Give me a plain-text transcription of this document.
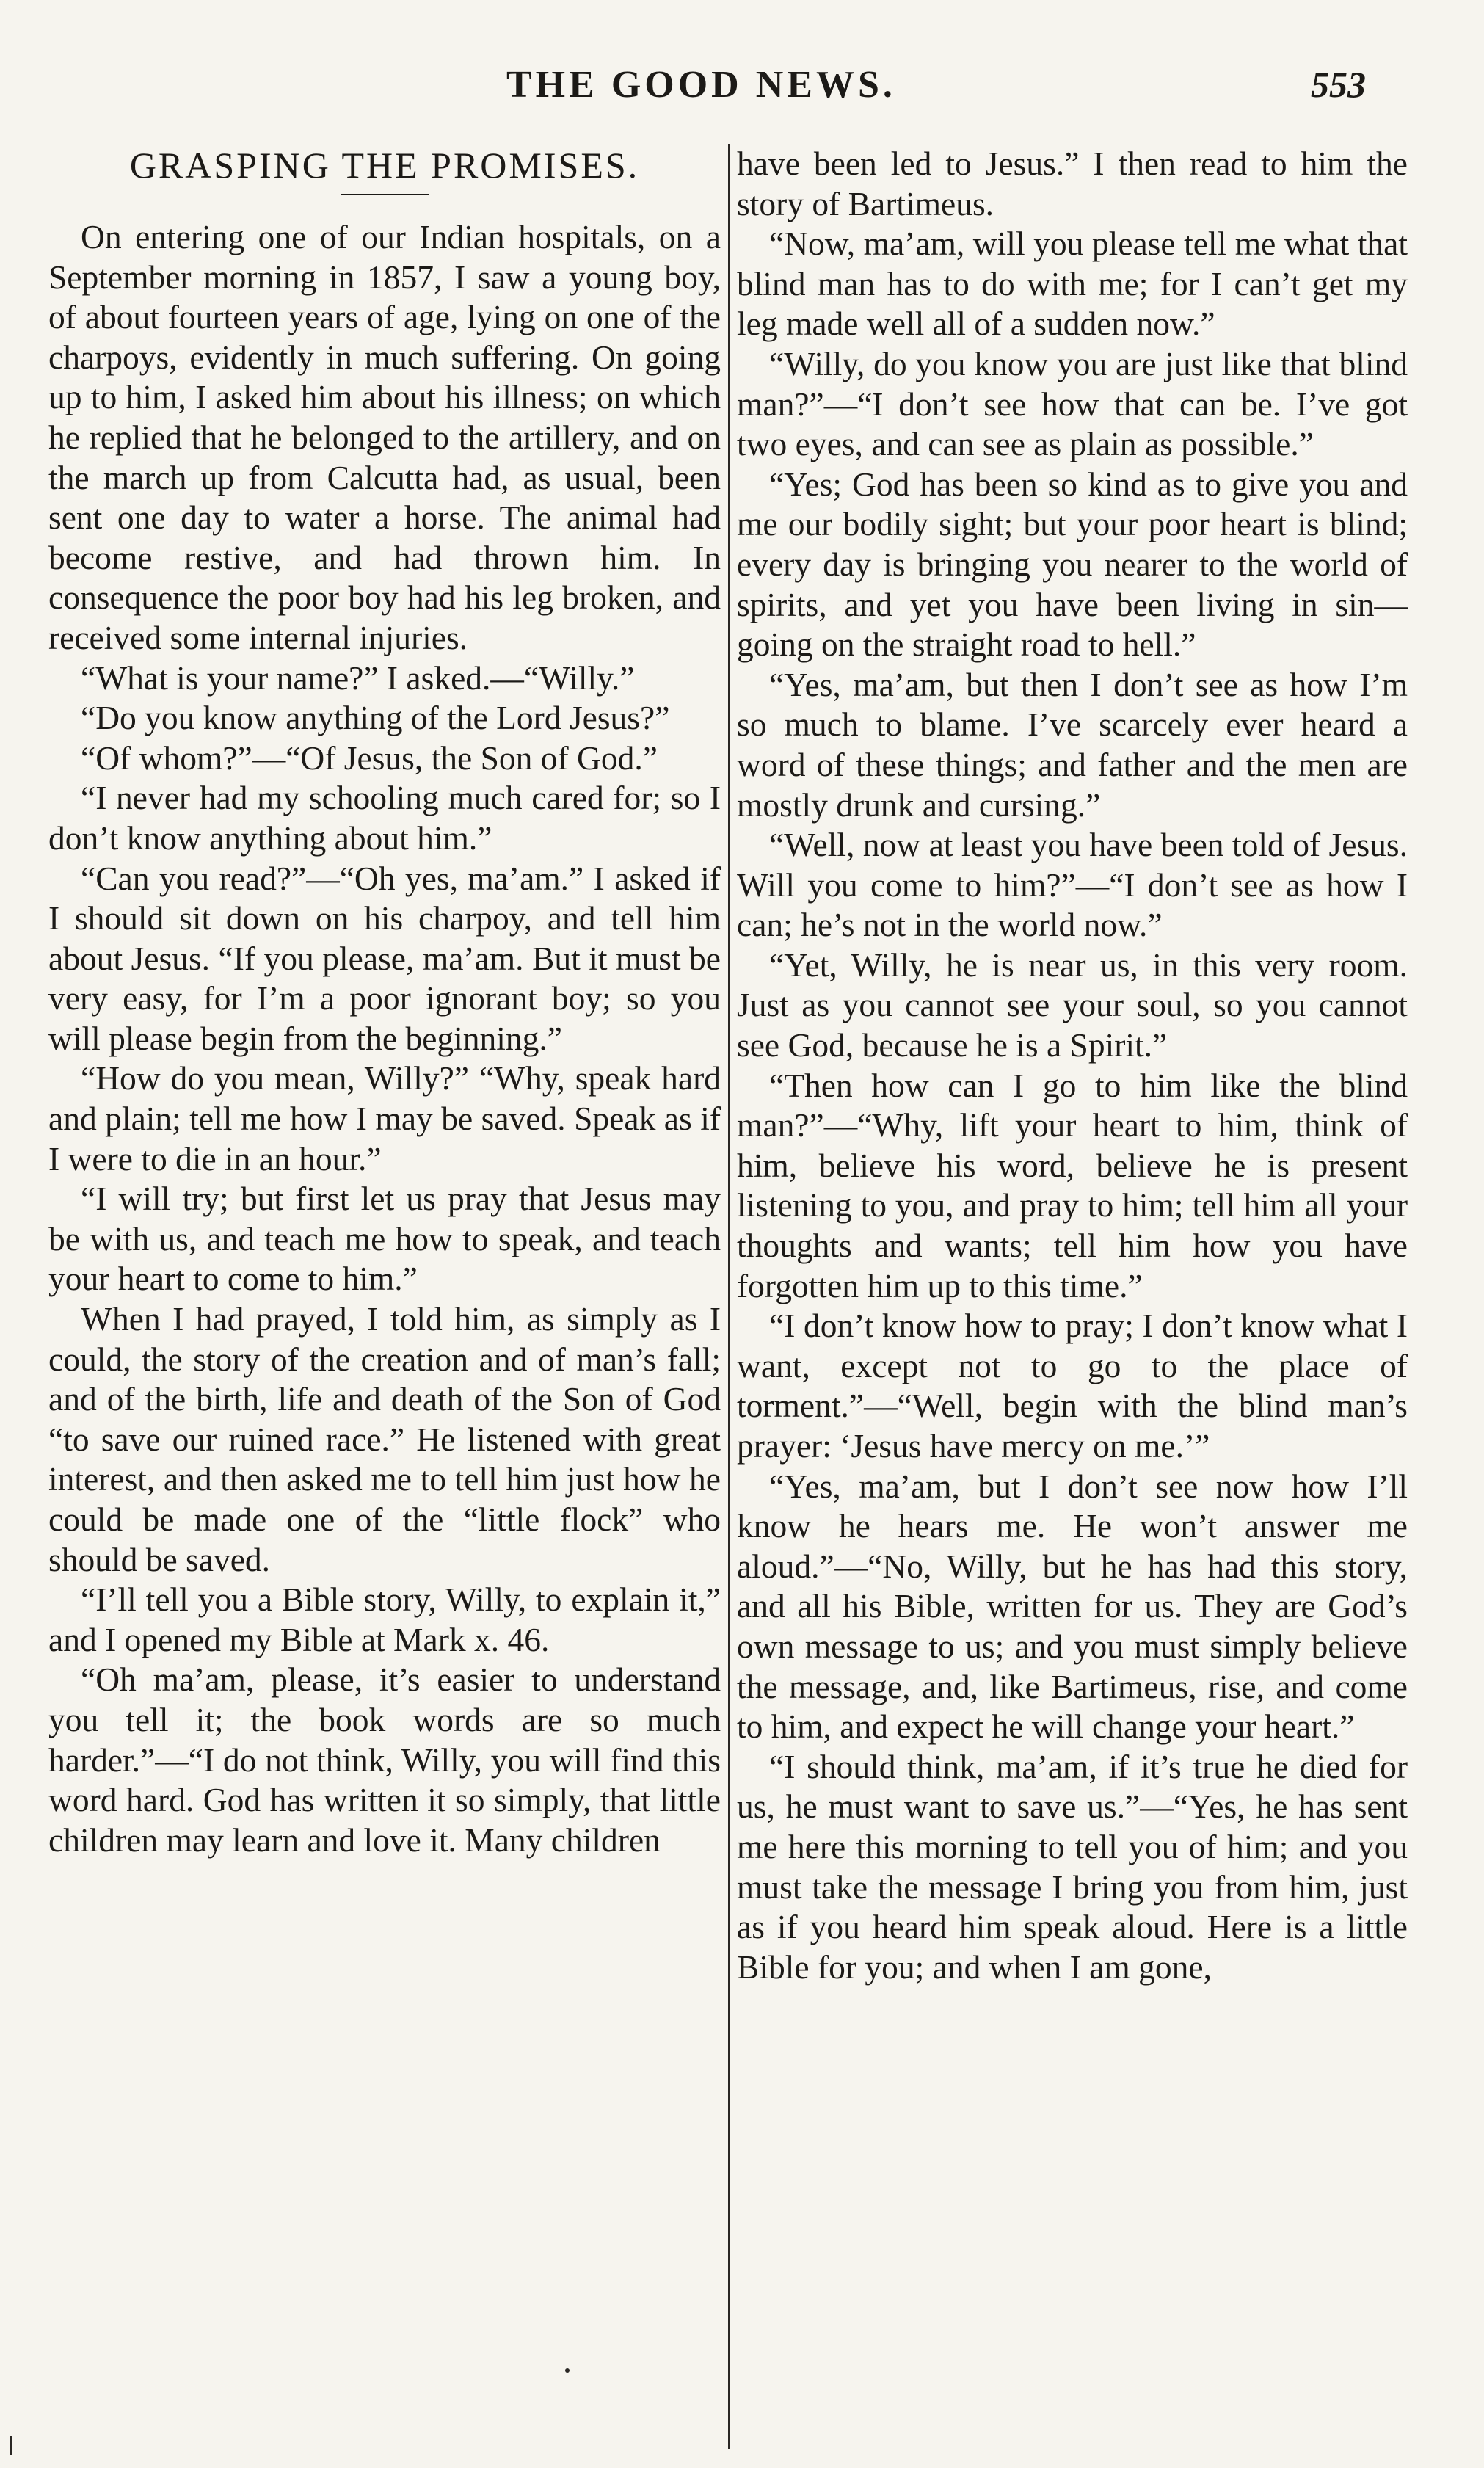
THE GOOD NEWS.	553
GRASPING THE PROMISES.

On entering one of our Indian hospitals, on a September morning in 1857, I saw a young boy, of about fourteen years of age, lying on one of the charpoys, evidently in much suffering. On going up to him, I asked him about his illness; on which he replied that he belonged to the artillery, and on the march up from Calcutta had, as usual, been sent one day to water a horse. The animal had become restive, and had thrown him. In consequence the poor boy had his leg broken, and received some internal injuries.

“What is your name?” I asked.—“Willy.”

“Do you know anything of the Lord Jesus?”

“Of whom?”—“Of Jesus, the Son of God.”

“I never had my schooling much cared for; so I don’t know anything about him.”

“Can you read?”—“Oh yes, ma’am.” I asked if I should sit down on his charpoy, and tell him about Jesus. “If you please, ma’am. But it must be very easy, for I’m a poor ignorant boy; so you will please begin from the beginning.”

“How do you mean, Willy?” “Why, speak hard and plain; tell me how I may be saved. Speak as if I were to die in an hour.”

“I will try; but first let us pray that Jesus may be with us, and teach me how to speak, and teach your heart to come to him.”

When I had prayed, I told him, as simply as I could, the story of the creation and of man’s fall; and of the birth, life and death of the Son of God “to save our ruined race.” He listened with great interest, and then asked me to tell him just how he could be made one of the “little flock” who should be saved.

“I’ll tell you a Bible story, Willy, to explain it,” and I opened my Bible at Mark x. 46.

“Oh ma’am, please, it’s easier to understand you tell it; the book words are so much harder.”—“I do not think, Willy, you will find this word hard. God has written it so simply, that little children may learn and love it. Many children

have been led to Jesus.” I then read to him the story of Bartimeus.

“Now, ma’am, will you please tell me what that blind man has to do with me; for I can’t get my leg made well all of a sudden now.”

“Willy, do you know you are just like that blind man?”—“I don’t see how that can be. I’ve got two eyes, and can see as plain as possible.”

“Yes; God has been so kind as to give you and me our bodily sight; but your poor heart is blind; every day is bringing you nearer to the world of spirits, and yet you have been living in sin—going on the straight road to hell.”

“Yes, ma’am, but then I don’t see as how I’m so much to blame. I’ve scarcely ever heard a word of these things; and father and the men are mostly drunk and cursing.”

“Well, now at least you have been told of Jesus. Will you come to him?”—“I don’t see as how I can; he’s not in the world now.”

“Yet, Willy, he is near us, in this very room. Just as you cannot see your soul, so you cannot see God, because he is a Spirit.”

“Then how can I go to him like the blind man?”—“Why, lift your heart to him, think of him, believe his word, believe he is present listening to you, and pray to him; tell him all your thoughts and wants; tell him how you have forgotten him up to this time.”

“I don’t know how to pray; I don’t know what I want, except not to go to the place of torment.”—“Well, begin with the blind man’s prayer: ‘Jesus have mercy on me.’”

“Yes, ma’am, but I don’t see now how I’ll know he hears me. He won’t answer me aloud.”—“No, Willy, but he has had this story, and all his Bible, written for us. They are God’s own message to us; and you must simply believe the message, and, like Bartimeus, rise, and come to him, and expect he will change your heart.”

“I should think, ma’am, if it’s true he died for us, he must want to save us.”—“Yes, he has sent me here this morning to tell you of him; and you must take the message I bring you from him, just as if you heard him speak aloud. Here is a little Bible for you; and when I am gone,
